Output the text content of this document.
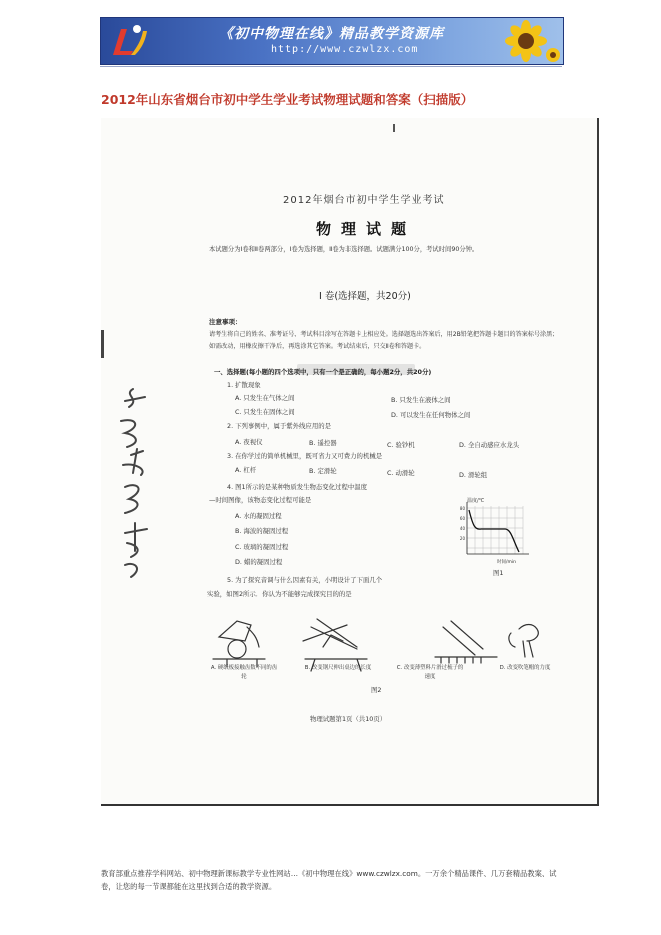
《初中物理在线》精品教学资源库
http://www.czwlzx.com
2012年山东省烟台市初中学生学业考试物理试题和答案（扫描版）
2012年烟台市初中学生学业考试
物理试题
本试题分为Ⅰ卷和Ⅱ卷两部分，Ⅰ卷为选择题，Ⅱ卷为非选择题。试题满分100分，考试时间90分钟。
Ⅰ 卷(选择题，共20分)
注意事项：
请考生将自己的姓名、准考证号、考试科目涂写在答题卡上相应处。选择题选出答案后，用2B铅笔把答题卡题目的答案标号涂黑；如需改动，用橡皮擦干净后，再选涂其它答案。考试结束后，只交Ⅱ卷和答题卡。
一、选择题(每小题的四个选项中，只有一个是正确的，每小题2分，共20分)
1. 扩散现象
A. 只发生在气体之间	B. 只发生在液体之间
C. 只发生在固体之间	D. 可以发生在任何物体之间
2. 下列事例中，属于紫外线应用的是
A. 夜视仪	B. 遥控器	C. 验钞机	D. 全自动感应水龙头
3. 在你学过的简单机械里，既可省力又可费力的机械是
A. 杠杆	B. 定滑轮	C. 动滑轮	D. 滑轮组
4. 图1所示的是某种物质发生物态变化过程中温度
—时间图像，该物态变化过程可能是
A. 水的凝固过程
B. 海波的凝固过程
C. 玻璃的凝固过程
D. 蜡的凝固过程
温度/℃
80
60
40
20
时间/min
图1
5. 为了探究音调与什么因素有关，小明设计了下面几个
实验，如图2所示．你认为不能够完成探究目的的是
A. 硬纸板接触齿数不同的齿轮
B. 改变钢尺伸出桌边的长度	C. 改变薄塑料片滑过梳子的速度
D. 改变吹笔帽的力度
图2
物理试题第1页（共10页）
教育部重点推荐学科网站、初中物理新课标教学专业性网站…《初中物理在线》www.czwlzx.com。一万余个精品课件、几万套精品教案、试卷，让您的每一节课都能在这里找到合适的教学资源。
